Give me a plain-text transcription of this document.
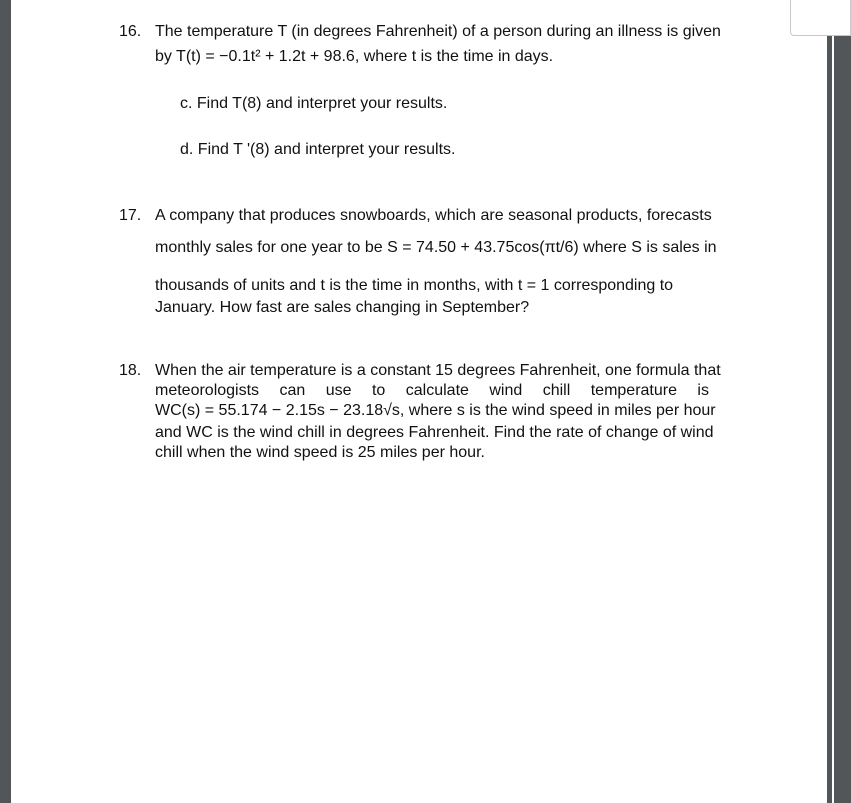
16. The temperature T (in degrees Fahrenheit) of a person during an illness is given
by T(t) = −0.1t² + 1.2t + 98.6, where t is the time in days.
c. Find T(8) and interpret your results.
d. Find T '(8) and interpret your results.
17. A company that produces snowboards, which are seasonal products, forecasts
monthly sales for one year to be S = 74.50 + 43.75cos(πt/6) where S is sales in
thousands of units and t is the time in months, with t = 1 corresponding to
January. How fast are sales changing in September?
18. When the air temperature is a constant 15 degrees Fahrenheit, one formula that
meteorologists can use to calculate wind chill temperature is
WC(s) = 55.174 − 2.15s − 23.18√s, where s is the wind speed in miles per hour
and WC is the wind chill in degrees Fahrenheit. Find the rate of change of wind
chill when the wind speed is 25 miles per hour.
